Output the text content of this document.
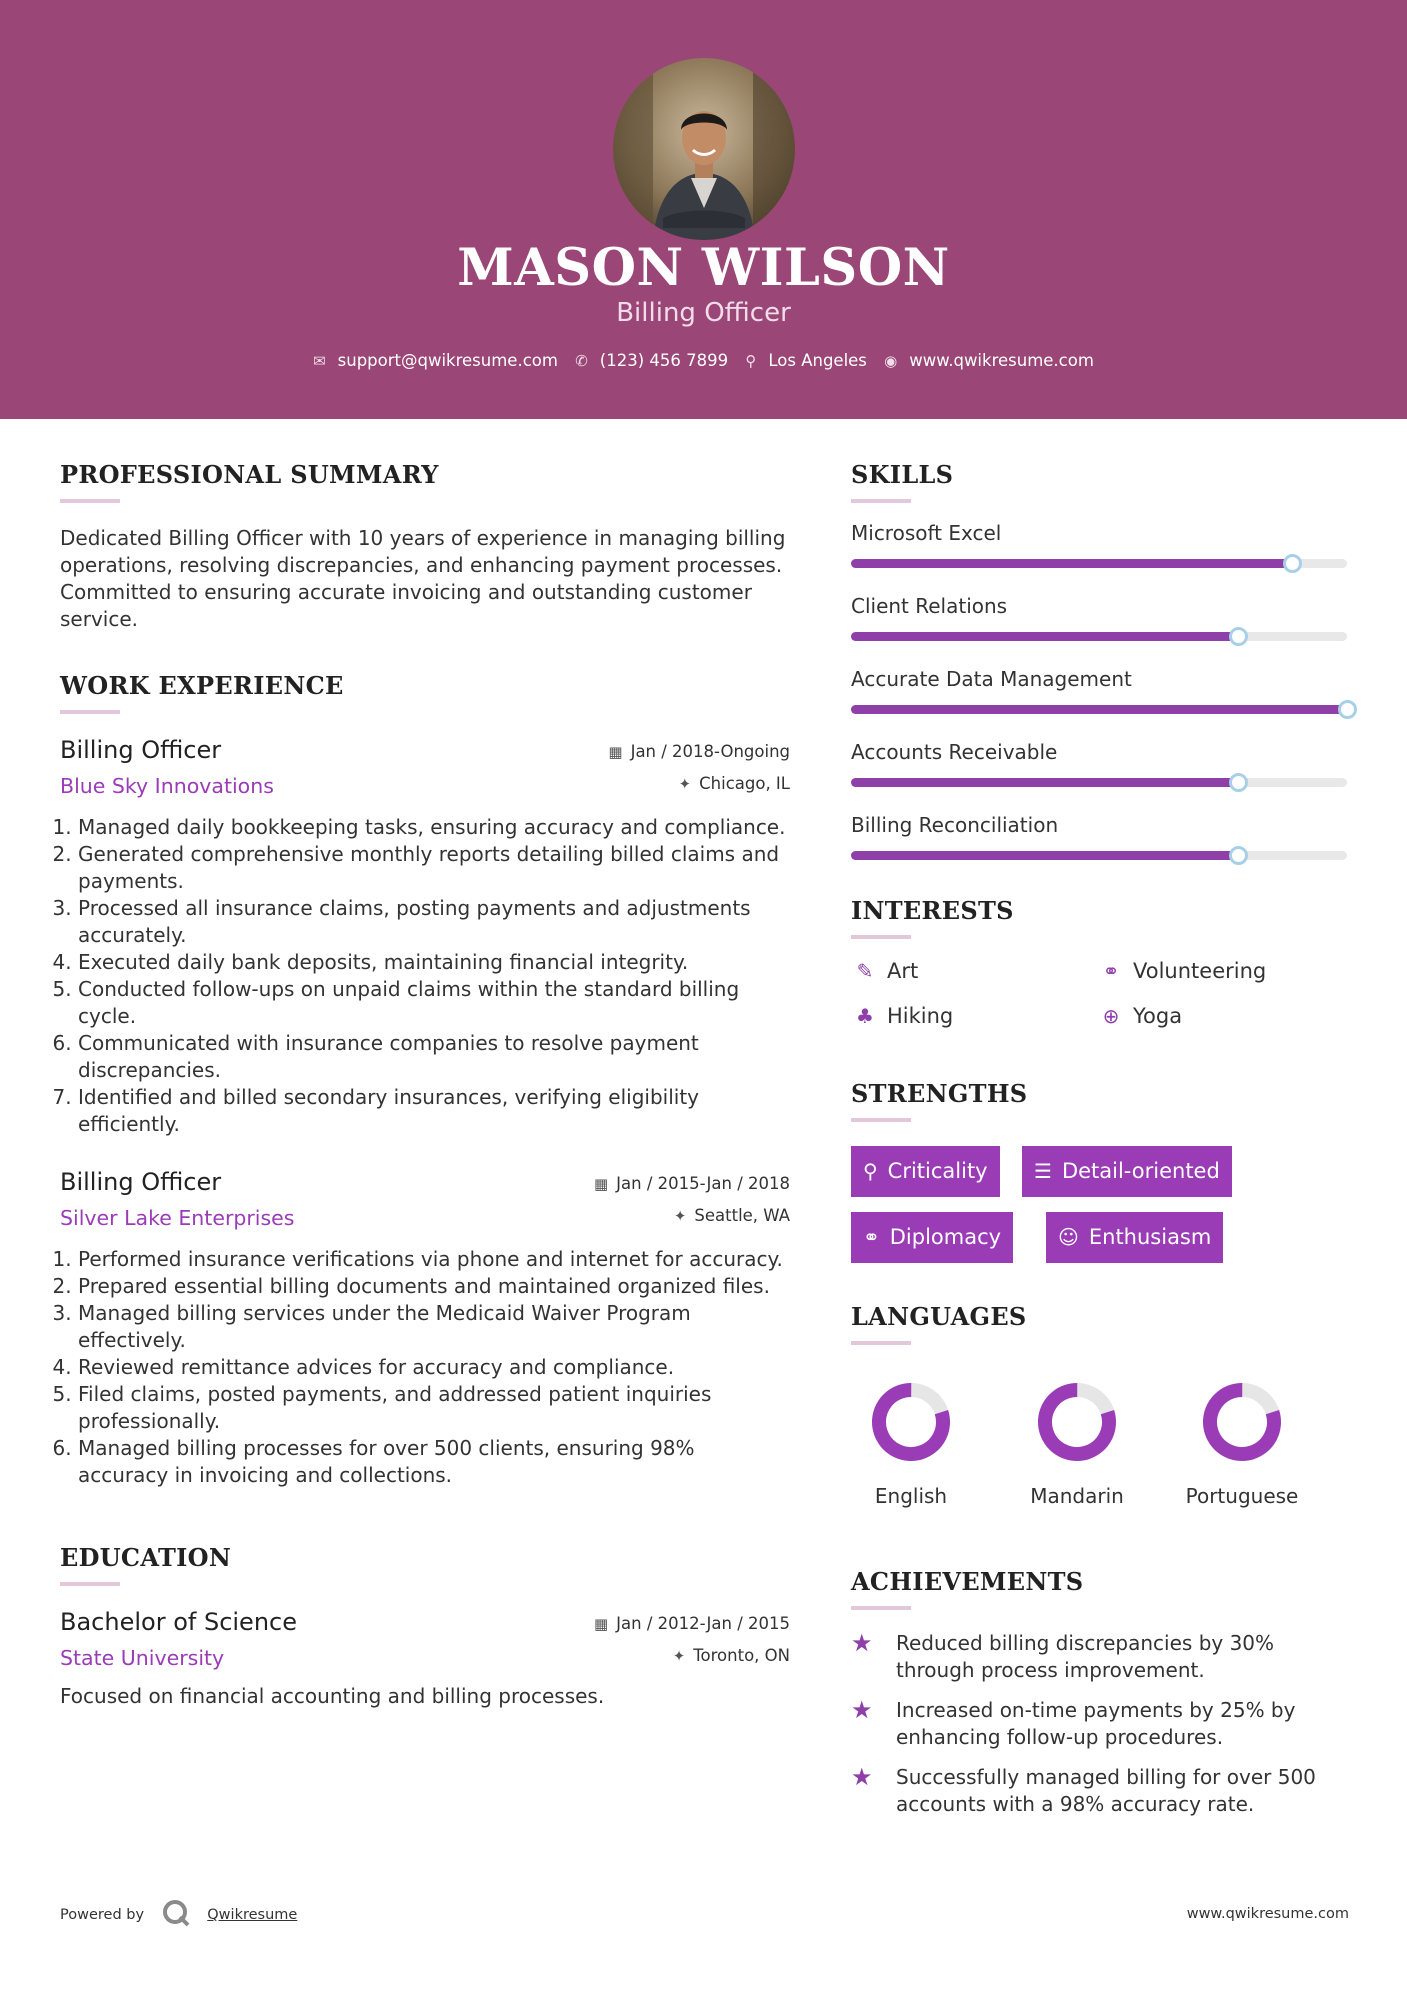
MASON WILSON
Billing Officer
✉ support@qwikresume.com ✆ (123) 456 7899 ⚲ Los Angeles ◉ www.qwikresume.com
PROFESSIONAL SUMMARY
Dedicated Billing Officer with 10 years of experience in managing billing operations, resolving discrepancies, and enhancing payment processes. Committed to ensuring accurate invoicing and outstanding customer service.
WORK EXPERIENCE
Billing Officer
Blue Sky Innovations
▦ Jan / 2018-Ongoing
✦ Chicago, IL
1. Managed daily bookkeeping tasks, ensuring accuracy and compliance.
2. Generated comprehensive monthly reports detailing billed claims and payments.
3. Processed all insurance claims, posting payments and adjustments accurately.
4. Executed daily bank deposits, maintaining financial integrity.
5. Conducted follow-ups on unpaid claims within the standard billing cycle.
6. Communicated with insurance companies to resolve payment discrepancies.
7. Identified and billed secondary insurances, verifying eligibility efficiently.
Billing Officer
Silver Lake Enterprises
▦ Jan / 2015-Jan / 2018
✦ Seattle, WA
1. Performed insurance verifications via phone and internet for accuracy.
2. Prepared essential billing documents and maintained organized files.
3. Managed billing services under the Medicaid Waiver Program effectively.
4. Reviewed remittance advices for accuracy and compliance.
5. Filed claims, posted payments, and addressed patient inquiries professionally.
6. Managed billing processes for over 500 clients, ensuring 98% accuracy in invoicing and collections.
EDUCATION
Bachelor of Science
State University
▦ Jan / 2012-Jan / 2015
✦ Toronto, ON
Focused on financial accounting and billing processes.
SKILLS
Microsoft Excel
Client Relations
Accurate Data Management
Accounts Receivable
Billing Reconciliation
INTERESTS
✎ Art	⚭ Volunteering
♣ Hiking	⊕ Yoga
STRENGTHS
⚲ Criticality	☰ Detail-oriented
⚭ Diplomacy	☺ Enthusiasm
LANGUAGES
English	Mandarin	Portuguese
ACHIEVEMENTS
★ Reduced billing discrepancies by 30% through process improvement.
★ Increased on-time payments by 25% by enhancing follow-up procedures.
★ Successfully managed billing for over 500 accounts with a 98% accuracy rate.
Powered by	Qwikresume	www.qwikresume.com
